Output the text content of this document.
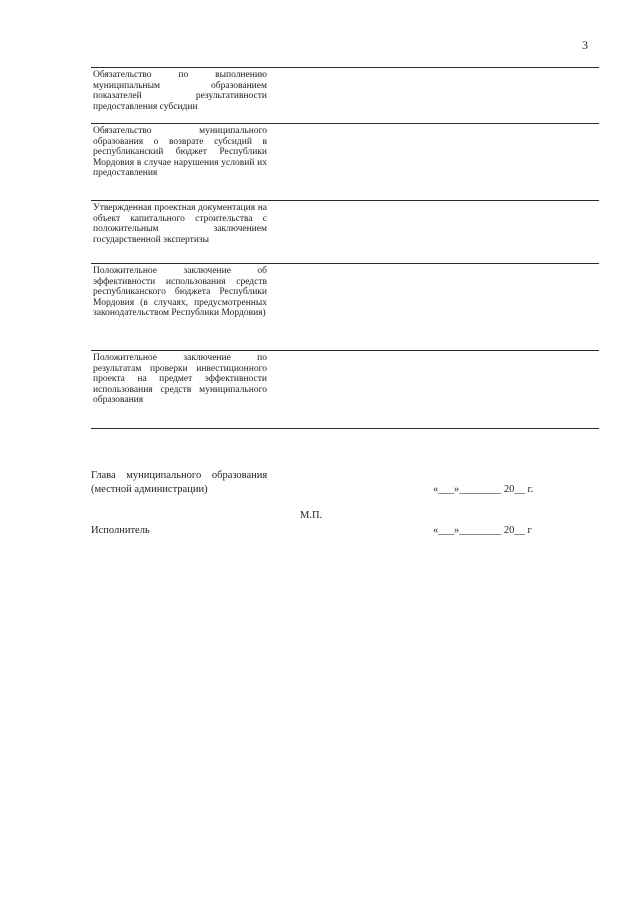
3
Обязательство по выполнению муниципальным образованием показателей результативности предоставления субсидии
Обязательство муниципального образования о возврате субсидий в республиканский бюджет Республики Мордовия в случае нарушения условий их предоставления
Утвержденная проектная документация на объект капитального строительства с положительным заключением государственной экспертизы
Положительное заключение об эффективности использования средств республиканского бюджета Республики Мордовия (в случаях, предусмотренных законодательством Республики Мордовия)
Положительное заключение по результатам проверки инвестиционного проекта на предмет эффективности использования средств муниципального образования
Глава муниципального образования
(местной администрации)	«___»________ 20__ г.
М.П.
Исполнитель	«___»________ 20__ г
